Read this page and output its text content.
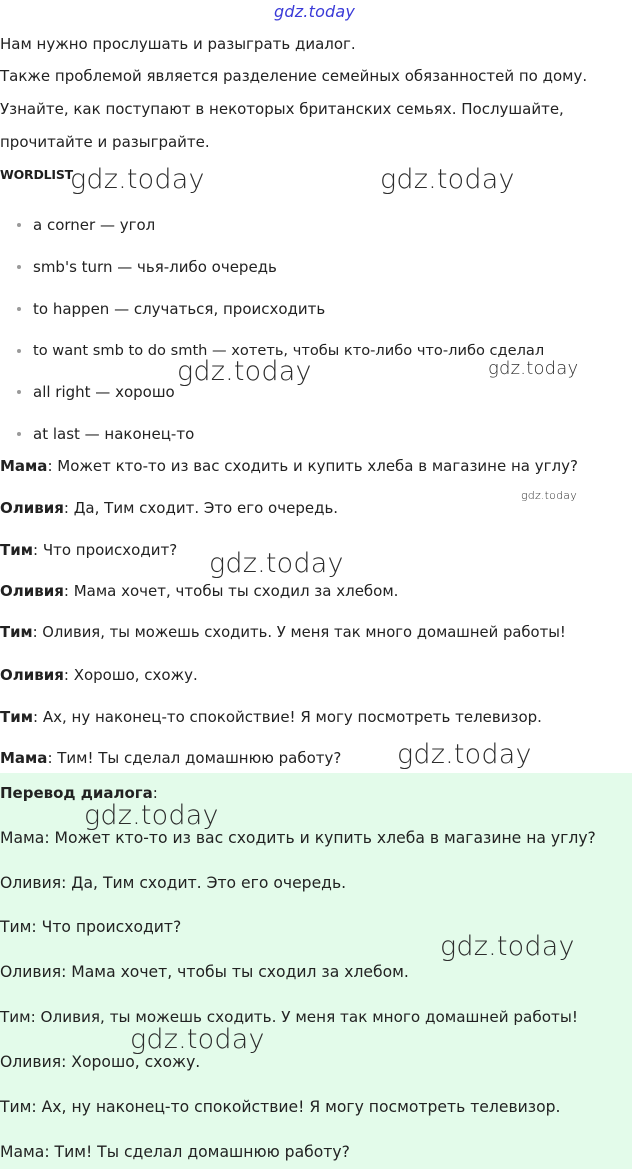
gdz.today
Нам нужно прослушать и разыграть диалог.
Также проблемой является разделение семейных обязанностей по дому.
Узнайте, как поступают в некоторых британских семьях. Послушайте,
прочитайте и разыграйте.
WORDLIST
a corner — угол
smb's turn — чья-либо очередь
to happen — случаться, происходить
to want smb to do smth — хотеть, чтобы кто-либо что-либо сделал
all right — хорошо
at last — наконец-то
Мама: Может кто-то из вас сходить и купить хлеба в магазине на углу?
Оливия: Да, Тим сходит. Это его очередь.
Тим: Что происходит?
Оливия: Мама хочет, чтобы ты сходил за хлебом.
Тим: Оливия, ты можешь сходить. У меня так много домашней работы!
Оливия: Хорошо, схожу.
Тим: Ах, ну наконец-то спокойствие! Я могу посмотреть телевизор.
Мама: Тим! Ты сделал домашнюю работу?
Перевод диалога:
Мама: Может кто-то из вас сходить и купить хлеба в магазине на углу?
Оливия: Да, Тим сходит. Это его очередь.
Тим: Что происходит?
Оливия: Мама хочет, чтобы ты сходил за хлебом.
Тим: Оливия, ты можешь сходить. У меня так много домашней работы!
Оливия: Хорошо, схожу.
Тим: Ах, ну наконец-то спокойствие! Я могу посмотреть телевизор.
Мама: Тим! Ты сделал домашнюю работу?
gdz.today	gdz.today
gdz.today	gdz.today
gdz.today
gdz.today
gdz.today
gdz.today
gdz.today
gdz.today
